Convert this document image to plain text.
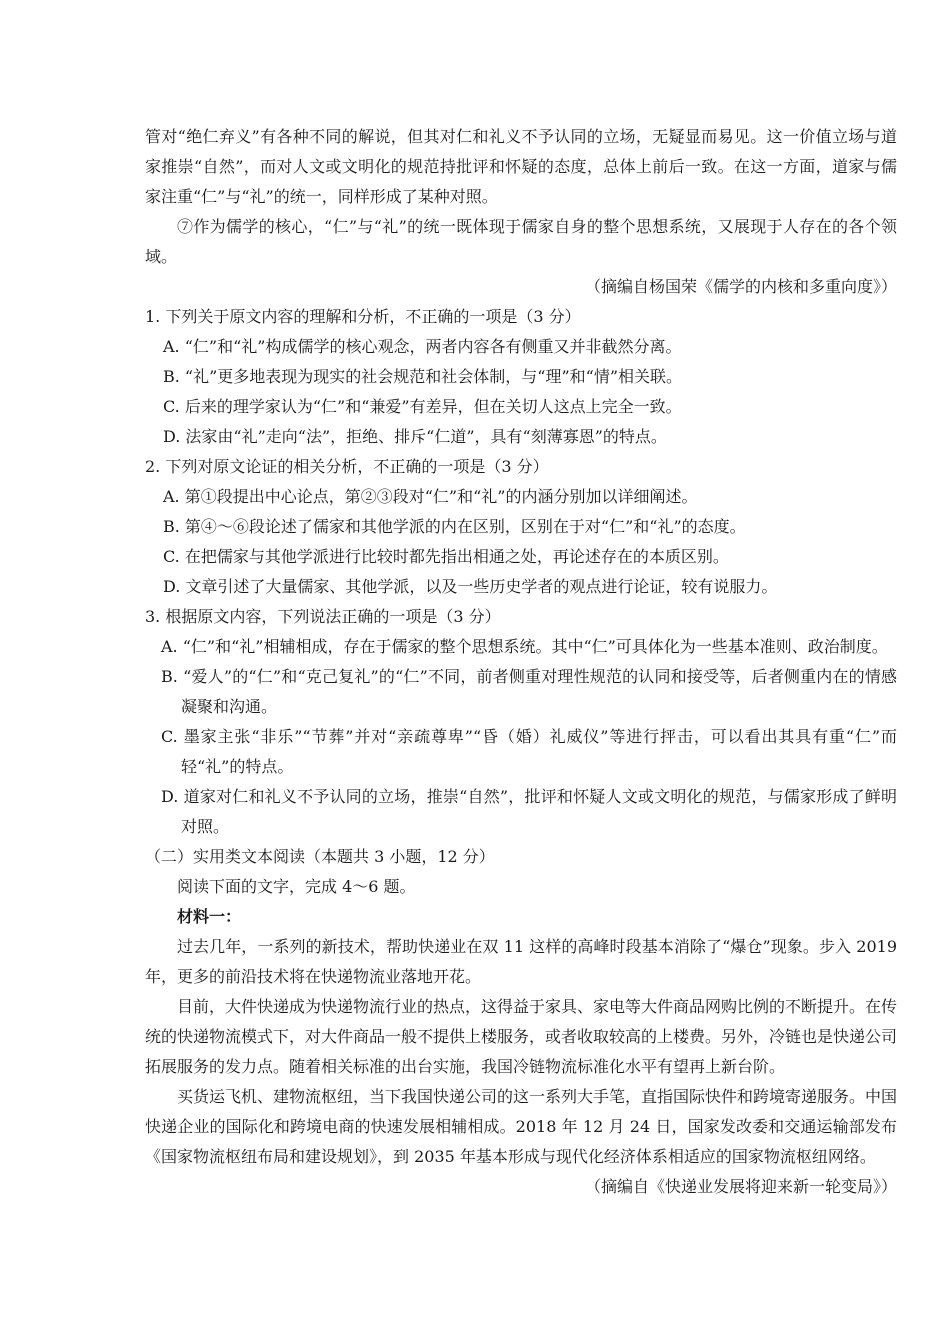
管对“绝仁弃义”有各种不同的解说，但其对仁和礼义不予认同的立场，无疑显而易见。这一价值立场与道家推崇“自然”，而对人文或文明化的规范持批评和怀疑的态度，总体上前后一致。在这一方面，道家与儒家注重“仁”与“礼”的统一，同样形成了某种对照。

⑦作为儒学的核心，“仁”与“礼”的统一既体现于儒家自身的整个思想系统，又展现于人存在的各个领域。

（摘编自杨国荣《儒学的内核和多重向度》）

1. 下列关于原文内容的理解和分析，不正确的一项是（3 分）

A. “仁”和“礼”构成儒学的核心观念，两者内容各有侧重又并非截然分离。

B. “礼”更多地表现为现实的社会规范和社会体制，与“理”和“情”相关联。

C. 后来的理学家认为“仁”和“兼爱”有差异，但在关切人这点上完全一致。

D. 法家由“礼”走向“法”，拒绝、排斥“仁道”，具有“刻薄寡恩”的特点。

2. 下列对原文论证的相关分析，不正确的一项是（3 分）

A. 第①段提出中心论点，第②③段对“仁”和“礼”的内涵分别加以详细阐述。

B. 第④～⑥段论述了儒家和其他学派的内在区别，区别在于对“仁”和“礼”的态度。

C. 在把儒家与其他学派进行比较时都先指出相通之处，再论述存在的本质区别。

D. 文章引述了大量儒家、其他学派，以及一些历史学者的观点进行论证，较有说服力。

3. 根据原文内容，下列说法正确的一项是（3 分）

A. “仁”和“礼”相辅相成，存在于儒家的整个思想系统。其中“仁”可具体化为一些基本准则、政治制度。

B. “爱人”的“仁”和“克己复礼”的“仁”不同，前者侧重对理性规范的认同和接受等，后者侧重内在的情感凝聚和沟通。

C. 墨家主张“非乐”“节葬”并对“亲疏尊卑”“昏（婚）礼威仪”等进行抨击，可以看出其具有重“仁”而轻“礼”的特点。

D. 道家对仁和礼义不予认同的立场，推崇“自然”，批评和怀疑人文或文明化的规范，与儒家形成了鲜明对照。

（二）实用类文本阅读（本题共 3 小题，12 分）

阅读下面的文字，完成 4～6 题。

材料一：

过去几年，一系列的新技术，帮助快递业在双 11 这样的高峰时段基本消除了“爆仓”现象。步入 2019 年，更多的前沿技术将在快递物流业落地开花。

目前，大件快递成为快递物流行业的热点，这得益于家具、家电等大件商品网购比例的不断提升。在传统的快递物流模式下，对大件商品一般不提供上楼服务，或者收取较高的上楼费。另外，冷链也是快递公司拓展服务的发力点。随着相关标准的出台实施，我国冷链物流标准化水平有望再上新台阶。

买货运飞机、建物流枢纽，当下我国快递公司的这一系列大手笔，直指国际快件和跨境寄递服务。中国快递企业的国际化和跨境电商的快速发展相辅相成。2018 年 12 月 24 日，国家发改委和交通运输部发布《国家物流枢纽布局和建设规划》，到 2035 年基本形成与现代化经济体系相适应的国家物流枢纽网络。

（摘编自《快递业发展将迎来新一轮变局》）
